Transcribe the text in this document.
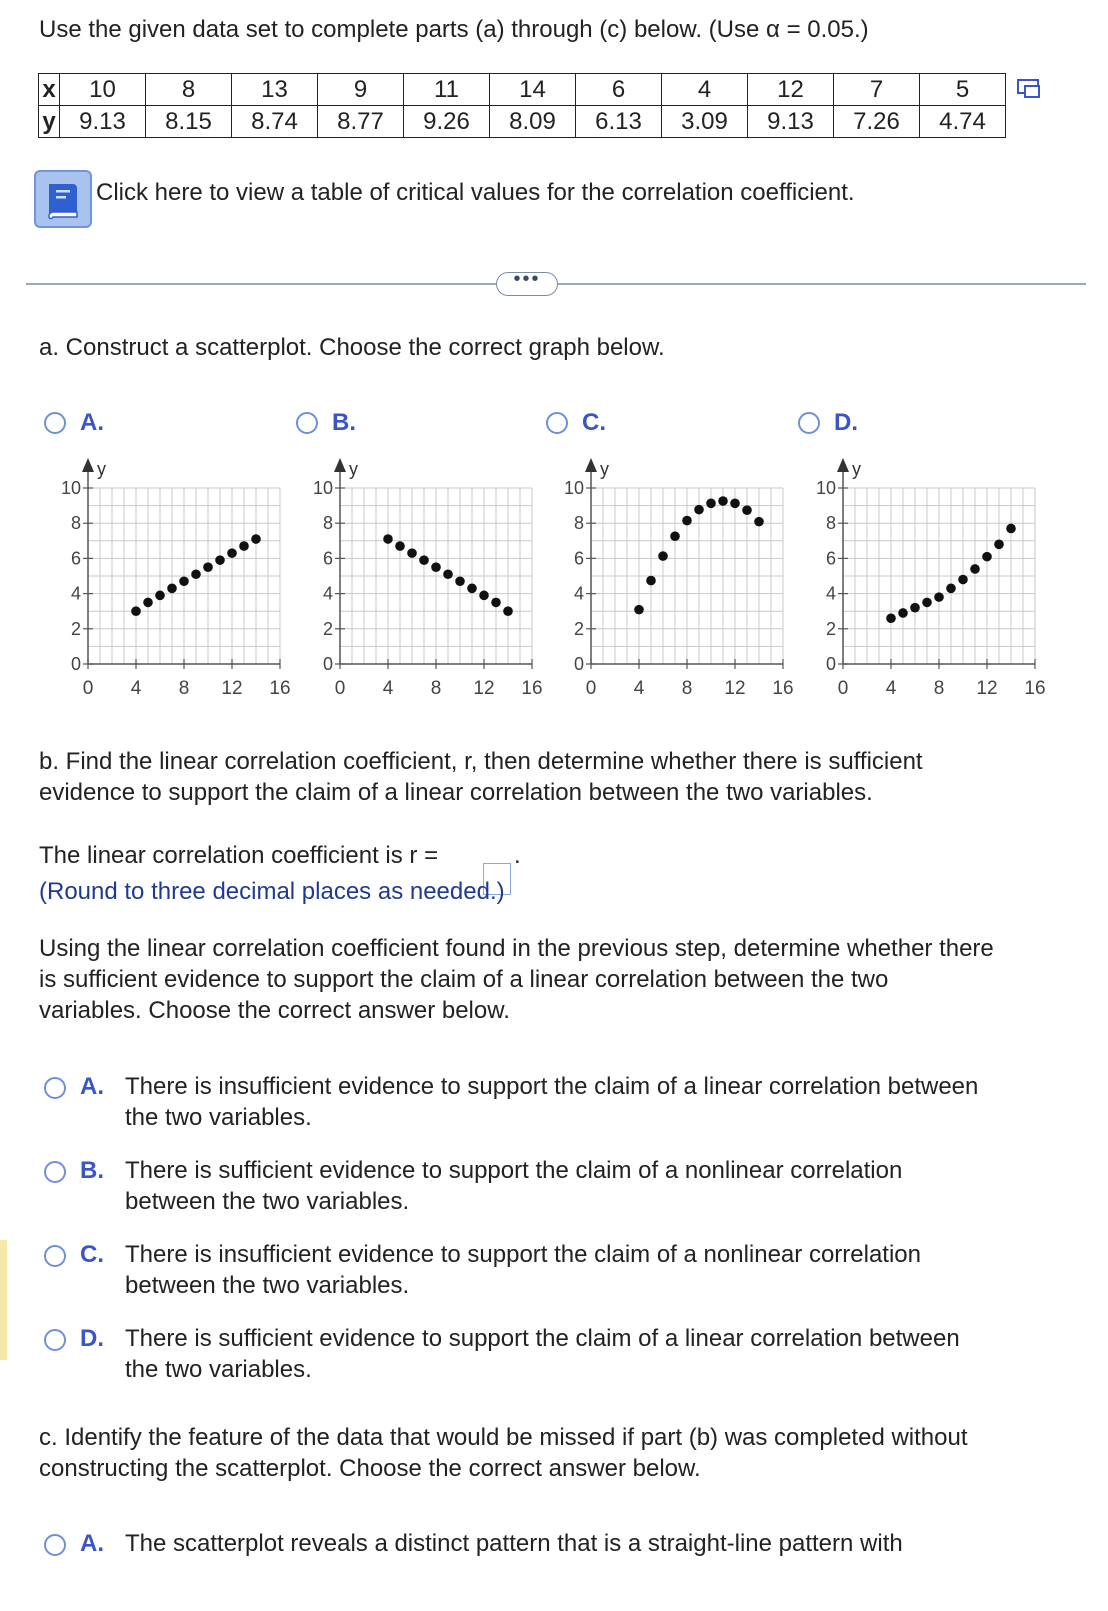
Use the given data set to complete parts (a) through (c) below. (Use α = 0.05.)
x	10	8	13	9	11	14	6	4	12	7	5
y	9.13	8.15	8.74	8.77	9.26	8.09	6.13	3.09	9.13	7.26	4.74
Click here to view a table of critical values for the correlation coefficient.
•••
a. Construct a scatterplot. Choose the correct graph below.
A.	B.	C.	D.
y
0 4 8 12 16
0
2
4
6
8
10
y
0 4 8 12 16
0
2
4
6
8
10
y
0 4 8 12 16
0
2
4
6
8
10
y
0 4 8 12 16
0
2
4
6
8
10
b. Find the linear correlation coefficient, r, then determine whether there is sufficient
evidence to support the claim of a linear correlation between the two variables.
The linear correlation coefficient is r =	.
(Round to three decimal places as needed.)
Using the linear correlation coefficient found in the previous step, determine whether there
is sufficient evidence to support the claim of a linear correlation between the two
variables. Choose the correct answer below.
A. There is insufficient evidence to support the claim of a linear correlation between
the two variables.
B. There is sufficient evidence to support the claim of a nonlinear correlation
between the two variables.
C. There is insufficient evidence to support the claim of a nonlinear correlation
between the two variables.
D. There is sufficient evidence to support the claim of a linear correlation between
the two variables.
c. Identify the feature of the data that would be missed if part (b) was completed without
constructing the scatterplot. Choose the correct answer below.
A. The scatterplot reveals a distinct pattern that is a straight-line pattern with
